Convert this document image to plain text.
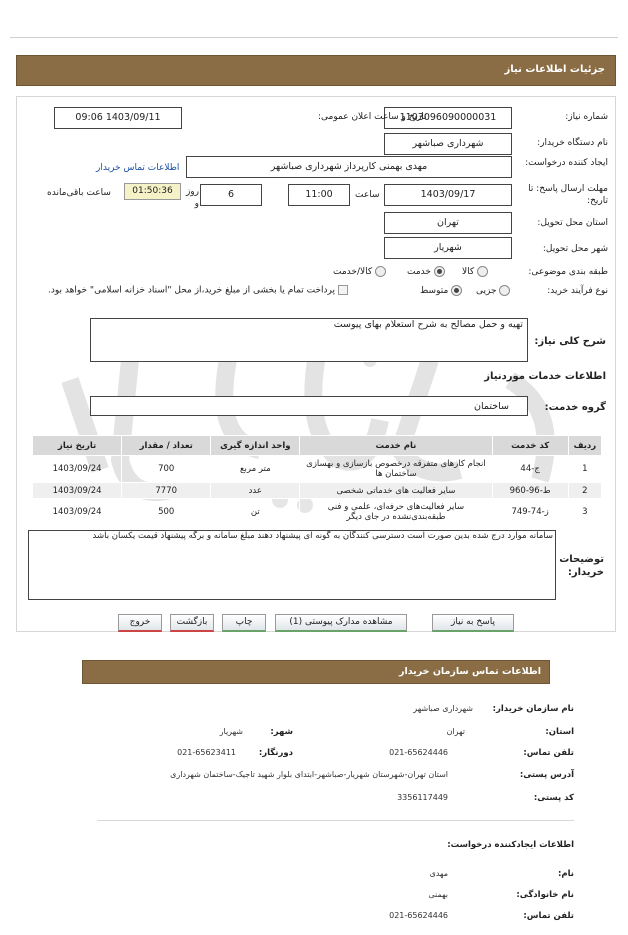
جزئیات اطلاعات نیاز
شماره نیاز:
1103096090000031
تاریخ و ساعت اعلان عمومی:
1403/09/11 09:06
نام دستگاه خریدار:
شهرداری صباشهر
ایجاد کننده درخواست:
مهدی بهمنی کارپرداز شهرداری صباشهر
اطلاعات تماس خریدار
مهلت ارسال پاسخ: تا تاریخ:
1403/09/17
ساعت
11:00
6
روز و
01:50:36
ساعت باقی‌مانده
استان محل تحویل:
تهران
شهر محل تحویل:
شهریار
طبقه بندی موضوعی:
کالا
خدمت
کالا/خدمت
نوع فرآیند خرید:
جزیی
متوسط
پرداخت تمام یا بخشی از مبلغ خرید،از محل "اسناد خزانه اسلامی" خواهد بود.
شرح کلی نیاز:
تهیه و حمل مصالح به شرح استعلام بهای پیوست
اطلاعات خدمات موردنیاز
گروه خدمت:
ساختمان
ردیف	کد خدمت	نام خدمت	واحد اندازه گیری	تعداد / مقدار	تاریخ نیاز
1	ج-44	انجام کارهای متفرقه درخصوص بازسازی و بهسازی ساختمان ها	متر مربع	700	1403/09/24
2	ط-96-960	سایر فعالیت های خدماتی شخصی	عدد	7770	1403/09/24
3	ز-74-749	سایر فعالیت‌های حرفه‌ای، علمی و فنی طبقه‌بندی‌نشده در جای دیگر	تن	500	1403/09/24
توضیحات خریدار:
سامانه موارد درج شده بدین صورت است دسترسی کنندگان به گونه ای پیشنهاد دهند مبلغ سامانه و برگه پیشنهاد قیمت یکسان باشد
پاسخ به نیاز
مشاهده مدارک پیوستی (1)
چاپ
بازگشت
خروج
اطلاعات تماس سازمان خریدار
نام سازمان خریدار:
شهرداری صباشهر
استان:
تهران
شهر:
شهریار
تلفن تماس:
021-65624446
دورنگار:
021-65623411
آدرس پستی:
استان تهران-شهرستان شهریار-صباشهر-ابتدای بلوار شهید تاجیک-ساختمان شهرداری
کد پستی:
3356117449
اطلاعات ایجادکننده درخواست:
نام:
مهدی
نام خانوادگی:
بهمنی
تلفن تماس:
021-65624446
